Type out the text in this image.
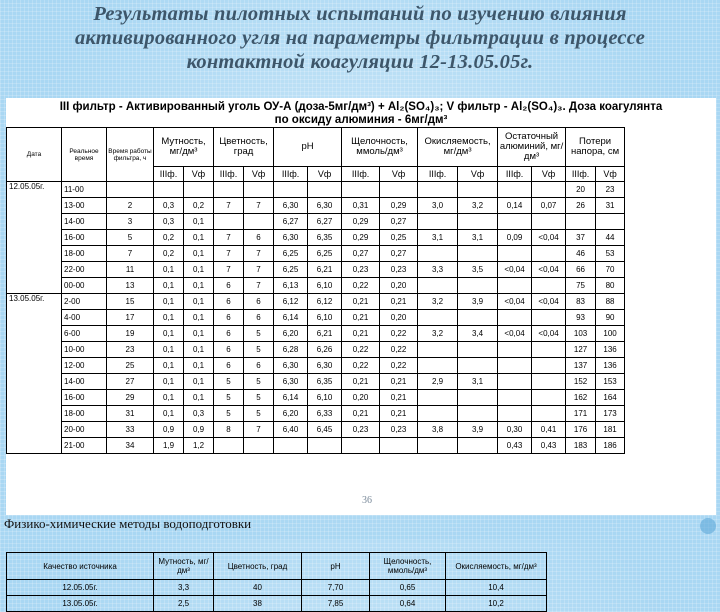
Результаты пилотных испытаний по изучению влияния
активированного угля на параметры фильтрации в процессе
контактной коагуляции 12-13.05.05г.
III фильтр - Активированный уголь ОУ-А (доза-5мг/дм³) + Al₂(SO₄)₃; V фильтр - Al₂(SO₄)₃. Доза коагулянта
по оксиду алюминия - 6мг/дм³
Дата	Реальное время	Время работы фильтра, ч	Мутность, мг/дм³		Цветность, град		pH		Щелочность, ммоль/дм³		Окисляемость, мг/дм³		Остаточный алюминий, мг/дм³		Потери напора, см	
			IIIф.	Vф	IIIф.	Vф	IIIф.	Vф	IIIф.	Vф	IIIф.	Vф	IIIф.	Vф	IIIф.	Vф
12.05.05г.	11-00														20	23
	13-00	2	0,3	0,2	7	7	6,30	6,30	0,31	0,29	3,0	3,2	0,14	0,07	26	31
	14-00	3	0,3	0,1			6,27	6,27	0,29	0,27						
	16-00	5	0,2	0,1	7	6	6,30	6,35	0,29	0,25	3,1	3,1	0,09	<0,04	37	44
	18-00	7	0,2	0,1	7	7	6,25	6,25	0,27	0,27					46	53
	22-00	11	0,1	0,1	7	7	6,25	6,21	0,23	0,23	3,3	3,5	<0,04	<0,04	66	70
	00-00	13	0,1	0,1	6	7	6,13	6,10	0,22	0,20					75	80
13.05.05г.	2-00	15	0,1	0,1	6	6	6,12	6,12	0,21	0,21	3,2	3,9	<0,04	<0,04	83	88
	4-00	17	0,1	0,1	6	6	6,14	6,10	0,21	0,20					93	90
	6-00	19	0,1	0,1	6	5	6,20	6,21	0,21	0,22	3,2	3,4	<0,04	<0,04	103	100
	10-00	23	0,1	0,1	6	5	6,28	6,26	0,22	0,22					127	136
	12-00	25	0,1	0,1	6	6	6,30	6,30	0,22	0,22					137	136
	14-00	27	0,1	0,1	5	5	6,30	6,35	0,21	0,21	2,9	3,1			152	153
	16-00	29	0,1	0,1	5	5	6,14	6,10	0,20	0,21					162	164
	18-00	31	0,1	0,3	5	5	6,20	6,33	0,21	0,21					171	173
	20-00	33	0,9	0,9	8	7	6,40	6,45	0,23	0,23	3,8	3,9	0,30	0,41	176	181
	21-00	34	1,9	1,2									0,43	0,43	183	186
Качество источника	Мутность, мг/дм³	Цветность, град	pH	Щелочность, ммоль/дм³	Окисляемость, мг/дм³
12.05.05г.	3,3	40	7,70	0,65	10,4
13.05.05г.	2,5	38	7,85	0,64	10,2
36
Физико-химические методы водоподготовки
